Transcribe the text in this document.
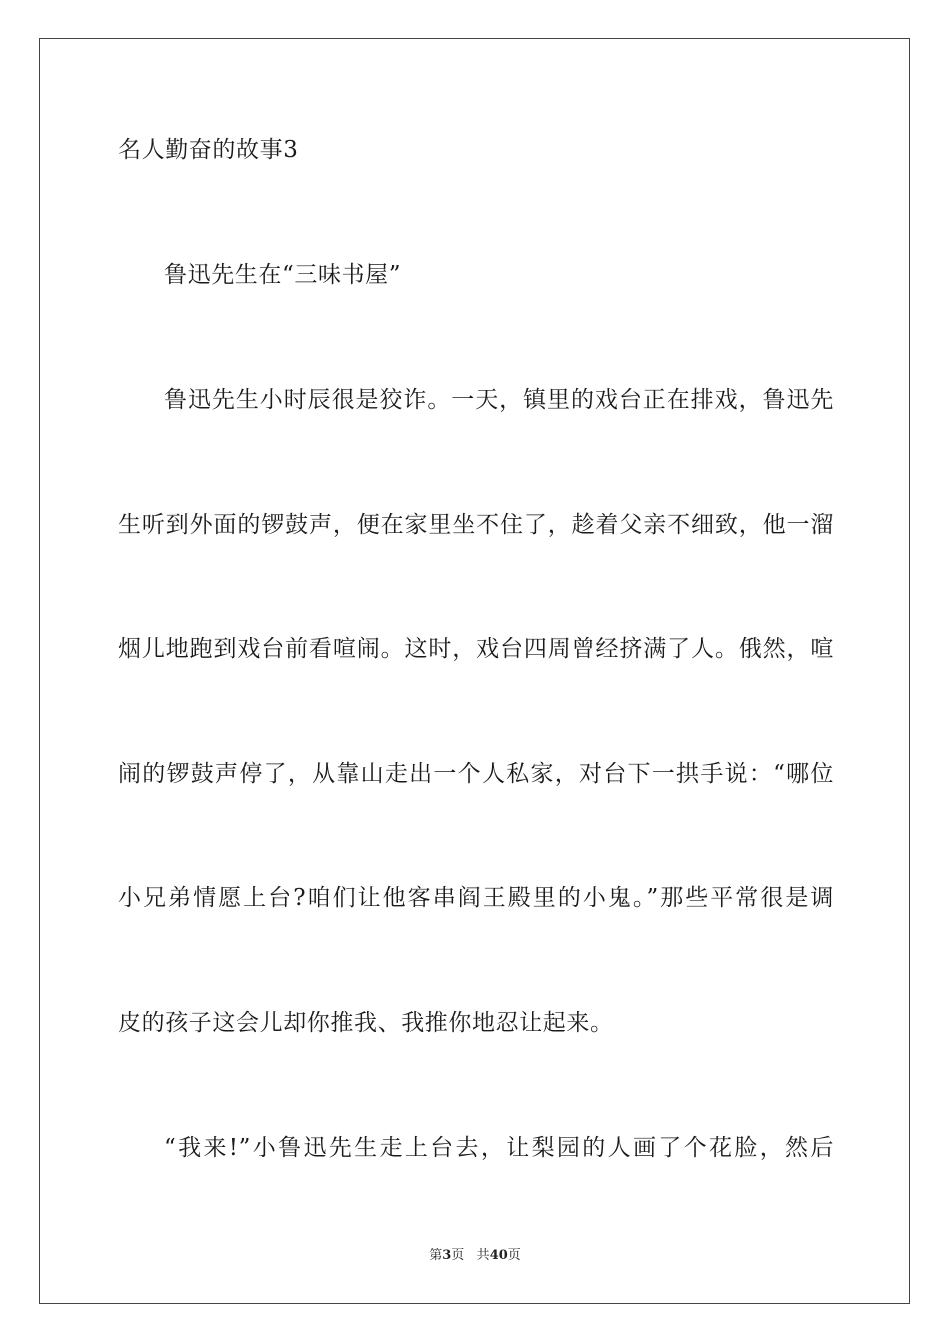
名人勤奋的故事3
鲁迅先生在“三味书屋”
鲁迅先生小时辰很是狡诈。一天，镇里的戏台正在排戏，鲁迅先
生听到外面的锣鼓声，便在家里坐不住了，趁着父亲不细致，他一溜
烟儿地跑到戏台前看喧闹。这时，戏台四周曾经挤满了人。俄然，喧
闹的锣鼓声停了，从靠山走出一个人私家，对台下一拱手说：“哪位
小兄弟情愿上台?咱们让他客串阎王殿里的小鬼。”那些平常很是调
皮的孩子这会儿却你推我、我推你地忍让起来。
“我来!”小鲁迅先生走上台去，让梨园的人画了个花脸，然后
第3页 共40页
